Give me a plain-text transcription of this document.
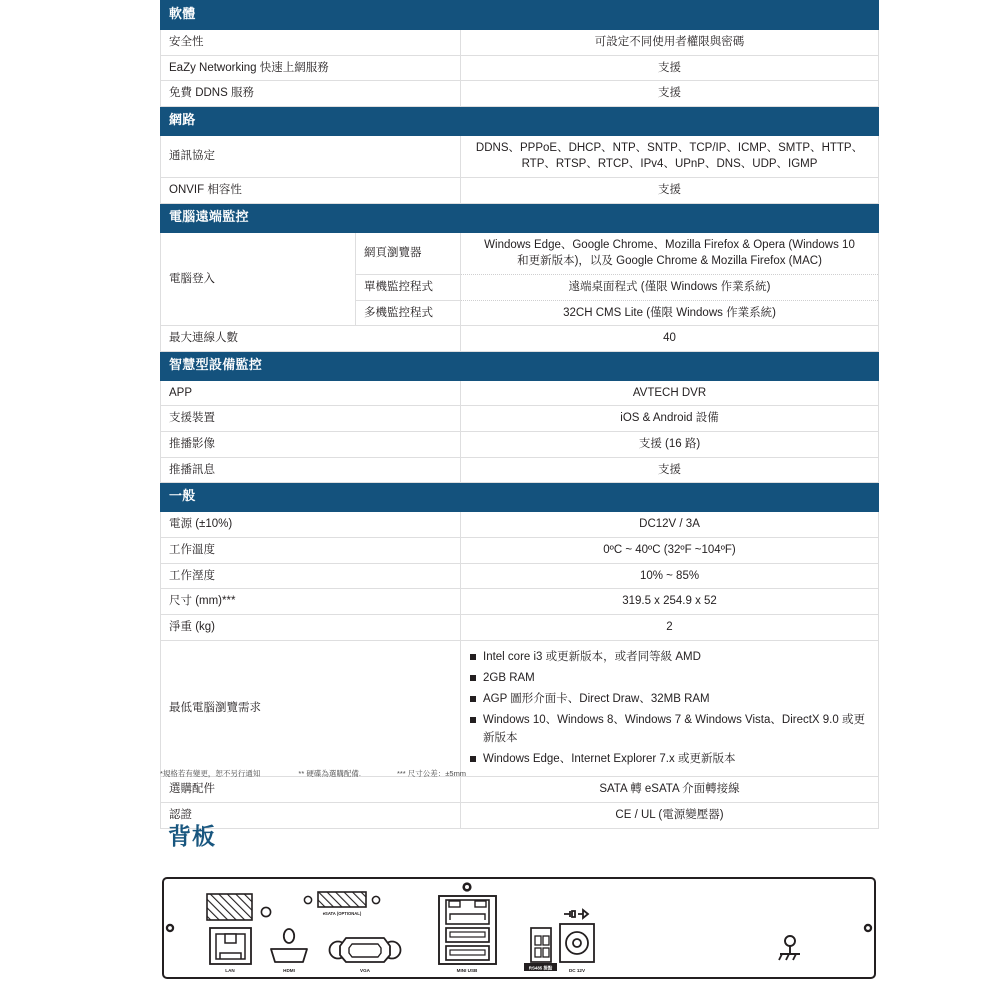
軟體		
安全性		可設定不同使用者權限與密碼
EaZy Networking 快速上網服務		支援
免費 DDNS 服務		支援
網路		
通訊協定		DDNS、PPPoE、DHCP、NTP、SNTP、TCP/IP、ICMP、SMTP、HTTP、
RTP、RTSP、RTCP、IPv4、UPnP、DNS、UDP、IGMP

ONVIF 相容性		支援
電腦遠端監控		
電腦登入	網頁瀏覽器	Windows Edge、Google Chrome、Mozilla Firefox & Opera (Windows 10
和更新版本)，以及 Google Chrome & Mozilla Firefox (MAC)

	單機監控程式	遠端桌面程式 (僅限 Windows 作業系統)
	多機監控程式	32CH CMS Lite (僅限 Windows 作業系統)
最大連線人數		40
智慧型設備監控		
APP		AVTECH DVR
支援裝置		iOS & Android 設備
推播影像		支援 (16 路)
推播訊息		支援
一般		
電源 (±10%)		DC12V / 3A
工作溫度		0ºC ~ 40ºC (32ºF ~104ºF)
工作溼度		10% ~ 85%
尺寸 (mm)***		319.5 x 254.9 x 52
淨重 (kg)		2
最低電腦瀏覽需求	
Intel core i3 或更新版本，或者同等級 AMD
2GB RAM
AGP 圖形介面卡、Direct Draw、32MB RAM
Windows 10、Windows 8、Windows 7 & Windows Vista、DirectX 9.0 或更新版本
Windows Edge、Internet Explorer 7.x 或更新版本

選購配件		SATA 轉 eSATA 介面轉接線
認證		CE / UL (電源變壓器)
*規格若有變更，恕不另行通知	** 硬碟為選購配備.	*** 尺寸公差：±5mm
背板
eSATA (OPTIONAL)
LAN	HDMI	VGA	MINI USB
RS485 接點
DC 12V
